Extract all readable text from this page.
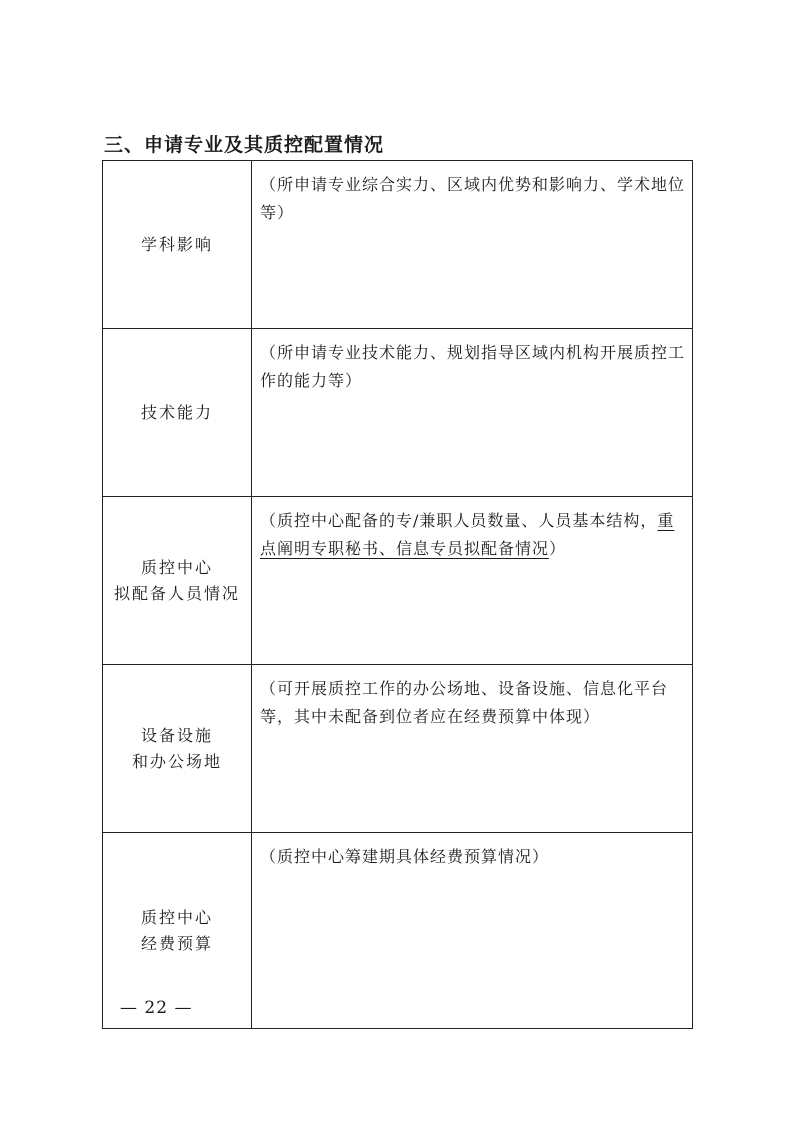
三、申请专业及其质控配置情况
学科影响	（所申请专业综合实力、区域内优势和影响力、学术地位等）

技术能力	（所申请专业技术能力、规划指导区域内机构开展质控工作的能力等）

质控中心
拟配备人员情况	（质控中心配备的专/兼职人员数量、人员基本结构，重点阐明专职秘书、信息专员拟配备情况）

设备设施
和办公场地	（可开展质控工作的办公场地、设备设施、信息化平台等，其中未配备到位者应在经费预算中体现）

质控中心
经费预算	（质控中心筹建期具体经费预算情况）
— 22 —
